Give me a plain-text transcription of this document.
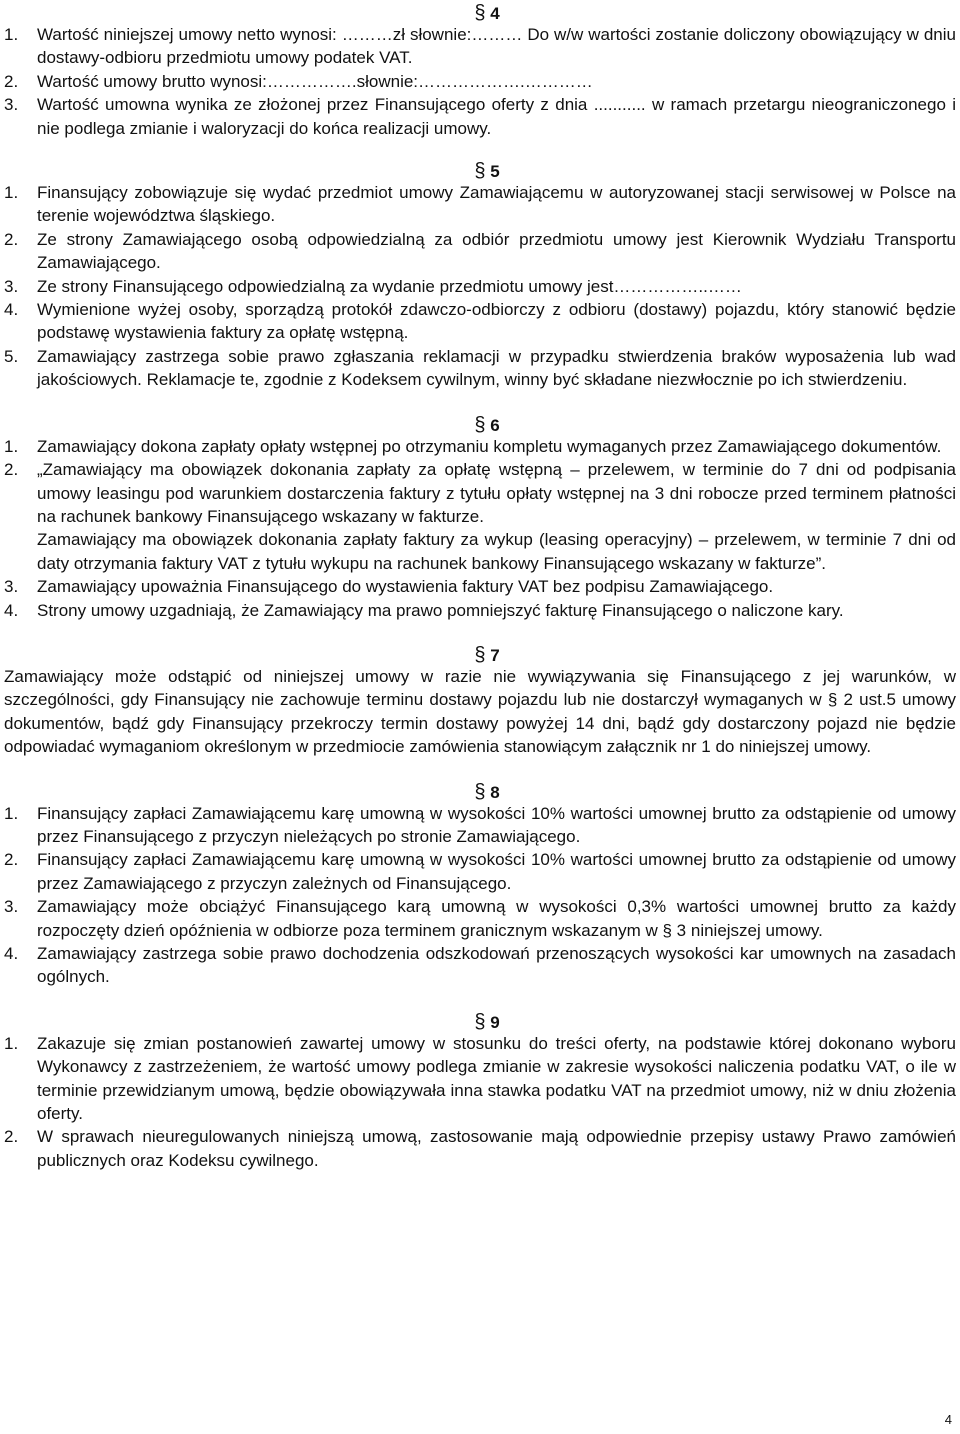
§ 4
1.	Wartość niniejszej umowy netto wynosi: ………zł słownie:……… Do w/w wartości zostanie doliczony obowiązujący w dniu dostawy-odbioru przedmiotu umowy podatek VAT.
2.	Wartość umowy brutto wynosi:…………….słownie:……………….…………
3.	Wartość umowna wynika ze złożonej przez Finansującego oferty z dnia ........... w ramach przetargu nieograniczonego i nie podlega zmianie i waloryzacji do końca realizacji umowy.
§ 5
1.	Finansujący zobowiązuje się wydać przedmiot umowy Zamawiającemu w autoryzowanej stacji serwisowej w Polsce na terenie województwa śląskiego.
2.	Ze strony Zamawiającego osobą odpowiedzialną za odbiór przedmiotu umowy jest Kierownik Wydziału Transportu Zamawiającego.
3.	Ze strony Finansującego odpowiedzialną za wydanie przedmiotu umowy jest……………..……
4.	Wymienione wyżej osoby, sporządzą protokół zdawczo-odbiorczy z odbioru (dostawy) pojazdu, który stanowić będzie podstawę wystawienia faktury za opłatę wstępną.
5.	Zamawiający zastrzega sobie prawo zgłaszania reklamacji w przypadku stwierdzenia braków wyposażenia lub wad jakościowych. Reklamacje te, zgodnie z Kodeksem cywilnym, winny być składane niezwłocznie po ich stwierdzeniu.
§ 6
1.	Zamawiający dokona zapłaty opłaty wstępnej po otrzymaniu kompletu wymaganych przez Zamawiającego dokumentów.
2.	„Zamawiający ma obowiązek dokonania zapłaty za opłatę wstępną – przelewem, w terminie do 7 dni od podpisania umowy leasingu pod warunkiem dostarczenia faktury z tytułu opłaty wstępnej na 3 dni robocze przed terminem płatności na rachunek bankowy Finansującego wskazany w fakturze.
Zamawiający ma obowiązek dokonania zapłaty faktury za wykup (leasing operacyjny) – przelewem, w terminie 7 dni od daty otrzymania faktury VAT z tytułu wykupu na rachunek bankowy Finansującego wskazany w fakturze”.
3.	Zamawiający upoważnia Finansującego do wystawienia faktury VAT bez podpisu Zamawiającego.
4.	Strony umowy uzgadniają, że Zamawiający ma prawo pomniejszyć fakturę Finansującego o naliczone kary.
§ 7
Zamawiający może odstąpić od niniejszej umowy w razie nie wywiązywania się Finansującego z jej warunków, w szczególności, gdy Finansujący nie zachowuje terminu dostawy pojazdu lub nie dostarczył wymaganych w § 2 ust.5 umowy dokumentów, bądź gdy Finansujący przekroczy termin dostawy powyżej 14 dni, bądź gdy dostarczony pojazd nie będzie odpowiadać wymaganiom określonym w przedmiocie zamówienia stanowiącym załącznik nr 1 do niniejszej umowy.
§ 8
1.	Finansujący zapłaci Zamawiającemu karę umowną w wysokości 10% wartości umownej brutto za odstąpienie od umowy przez Finansującego z przyczyn nieleżących po stronie Zamawiającego.
2.	Finansujący zapłaci Zamawiającemu karę umowną w wysokości 10% wartości umownej brutto za odstąpienie od umowy przez Zamawiającego z przyczyn zależnych od Finansującego.
3.	Zamawiający może obciążyć Finansującego karą umowną w wysokości 0,3% wartości umownej brutto za każdy rozpoczęty dzień opóźnienia w odbiorze poza terminem granicznym wskazanym w § 3 niniejszej umowy.
4.	Zamawiający zastrzega sobie prawo dochodzenia odszkodowań przenoszących wysokości kar umownych na zasadach ogólnych.
§ 9
1.	Zakazuje się zmian postanowień zawartej umowy w stosunku do treści oferty, na podstawie której dokonano wyboru Wykonawcy z zastrzeżeniem, że wartość umowy podlega zmianie w zakresie wysokości naliczenia podatku VAT, o ile w terminie przewidzianym umową, będzie obowiązywała inna stawka podatku VAT na przedmiot umowy, niż w dniu złożenia oferty.
2.	W sprawach nieuregulowanych niniejszą umową, zastosowanie mają odpowiednie przepisy ustawy Prawo zamówień publicznych oraz Kodeksu cywilnego.
4
